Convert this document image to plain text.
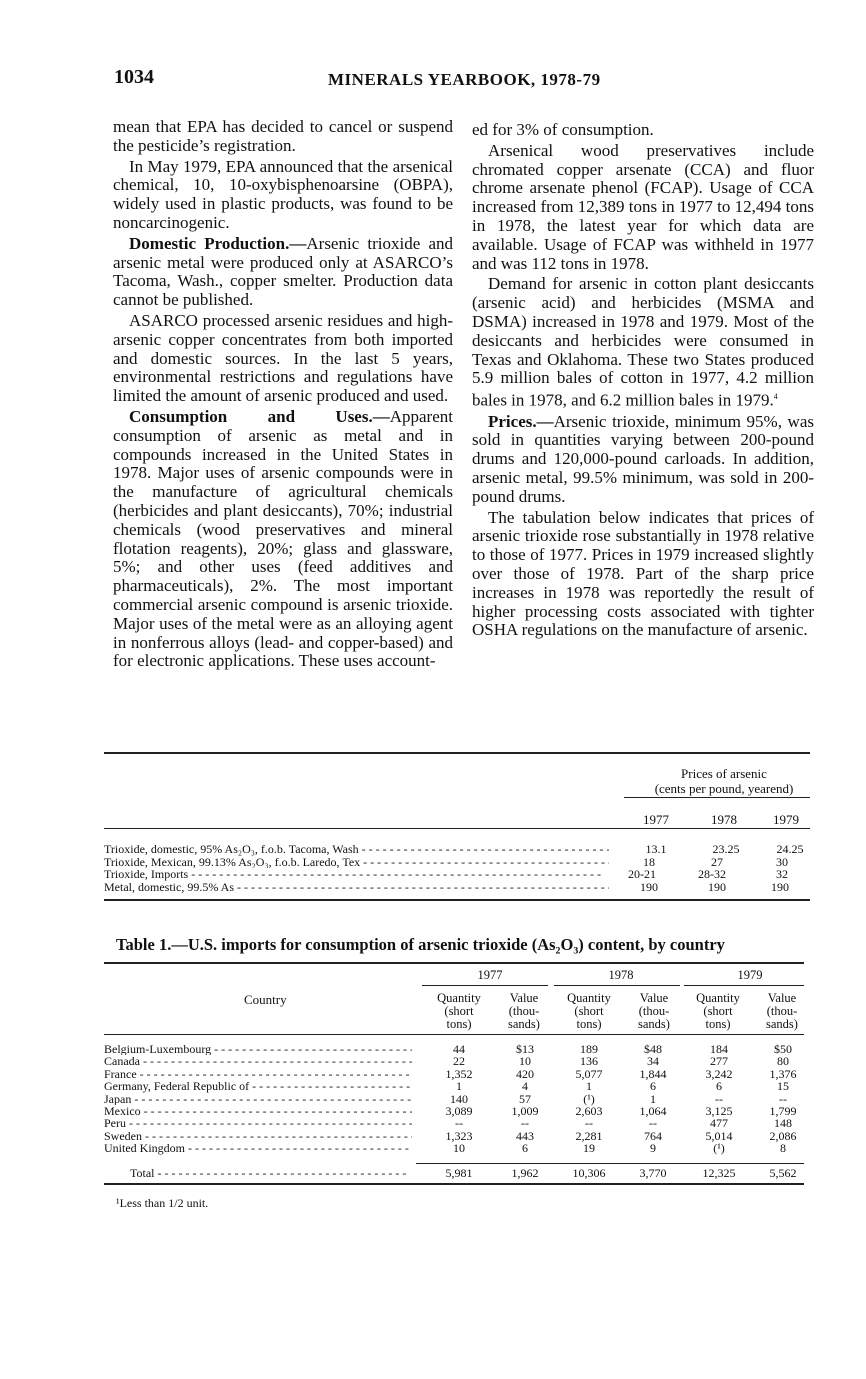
1034	MINERALS YEARBOOK, 1978-79

mean that EPA has decided to cancel or suspend the pesticide’s registration.

In May 1979, EPA announced that the arsenical chemical, 10, 10-oxybisphenoarsine (OBPA), widely used in plastic products, was found to be noncarcinogenic.

Domestic Production.—Arsenic trioxide and arsenic metal were produced only at ASARCO’s Tacoma, Wash., copper smelter. Production data cannot be published.

ASARCO processed arsenic residues and high-arsenic copper concentrates from both imported and domestic sources. In the last 5 years, environmental restrictions and regulations have limited the amount of arsenic produced and used.

Consumption and Uses.—Apparent consumption of arsenic as metal and in compounds increased in the United States in 1978. Major uses of arsenic compounds were in the manufacture of agricultural chemicals (herbicides and plant desiccants), 70%; industrial chemicals (wood preservatives and mineral flotation reagents), 20%; glass and glassware, 5%; and other uses (feed additives and pharmaceuticals), 2%. The most important commercial arsenic compound is arsenic trioxide. Major uses of the metal were as an alloying agent in nonferrous alloys (lead- and copper-based) and for electronic applications. These uses account-

ed for 3% of consumption.

Arsenical wood preservatives include chromated copper arsenate (CCA) and fluor chrome arsenate phenol (FCAP). Usage of CCA increased from 12,389 tons in 1977 to 12,494 tons in 1978, the latest year for which data are available. Usage of FCAP was withheld in 1977 and was 112 tons in 1978.

Demand for arsenic in cotton plant desiccants (arsenic acid) and herbicides (MSMA and DSMA) increased in 1978 and 1979. Most of the desiccants and herbicides were consumed in Texas and Oklahoma. These two States produced 5.9 million bales of cotton in 1977, 4.2 million bales in 1978, and 6.2 million bales in 1979.$^4$

Prices.—Arsenic trioxide, minimum 95%, was sold in quantities varying between 200-pound drums and 120,000-pound carloads. In addition, arsenic metal, 99.5% minimum, was sold in 200-pound drums.

The tabulation below indicates that prices of arsenic trioxide rose substantially in 1978 relative to those of 1977. Prices in 1979 increased slightly over those of 1978. Part of the sharp price increases in 1978 was reportedly the result of higher processing costs associated with tighter OSHA regulations on the manufacture of arsenic.

Prices of arsenic
(cents per pound, yearend)
1977	1978	1979
Trioxide, domestic, 95% As₂O₃, f.o.b. Tacoma, Wash - - -	13.1	23.25	24.25
Trioxide, Mexican, 99.13% As₂O₃, f.o.b. Laredo, Tex - - -	18	27	30
Trioxide, Imports - - -	20-21	28-32	32
Metal, domestic, 99.5% As - - -	190	190	190
Table 1.—U.S. imports for consumption of arsenic trioxide (As₂O₃) content, by country
Country
1977	1978	1979
Quantity
(short
tons)
Value
(thou-
sands)
Quantity
(short
tons)
Value
(thou-
sands)
Quantity
(short
tons)
Value
(thou-
sands)
Belgium-Luxembourg - - -	44	$13	189	$48	184	$50
Canada - - -	22	10	136	34	277	80
France - - -	1,352	420	5,077	1,844	3,242	1,376
Germany, Federal Republic of - - -	1	4	1	6	6	15
Japan - - -	140	57	(¹)	1	--	--
Mexico - - -	3,089	1,009	2,603	1,064	3,125	1,799
Peru - - -	--	--	--	--	477	148
Sweden - - -	1,323	443	2,281	764	5,014	2,086
United Kingdom - - -	10	6	19	9	(¹)	8
Total - - -	5,981	1,962	10,306	3,770	12,325	5,562
¹Less than 1/2 unit.
